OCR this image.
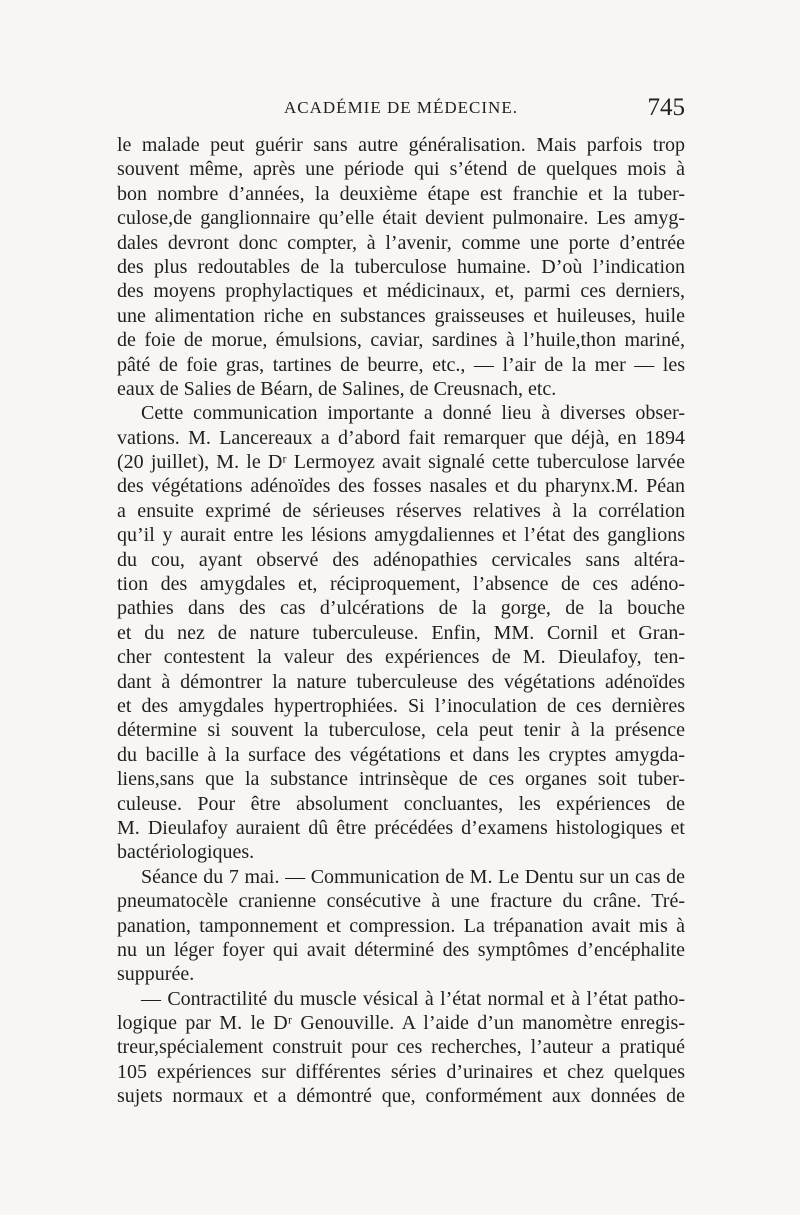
ACADÉMIE DE MÉDECINE.	745
le malade peut guérir sans autre généralisation. Mais parfois trop
souvent même, après une période qui s’étend de quelques mois à
bon nombre d’années, la deuxième étape est franchie et la tuber-
culose,de ganglionnaire qu’elle était devient pulmonaire. Les amyg-
dales devront donc compter, à l’avenir, comme une porte d’entrée
des plus redoutables de la tuberculose humaine. D’où l’indication
des moyens prophylactiques et médicinaux, et, parmi ces derniers,
une alimentation riche en substances graisseuses et huileuses, huile
de foie de morue, émulsions, caviar, sardines à l’huile,thon mariné,
pâté de foie gras, tartines de beurre, etc., — l’air de la mer — les
eaux de Salies de Béarn, de Salines, de Creusnach, etc.
Cette communication importante a donné lieu à diverses obser-
vations. M. Lancereaux a d’abord fait remarquer que déjà, en 1894
(20 juillet), M. le Dʳ Lermoyez avait signalé cette tuberculose larvée
des végétations adénoïdes des fosses nasales et du pharynx.M. Péan
a ensuite exprimé de sérieuses réserves relatives à la corrélation
qu’il y aurait entre les lésions amygdaliennes et l’état des ganglions
du cou, ayant observé des adénopathies cervicales sans altéra-
tion des amygdales et, réciproquement, l’absence de ces adéno-
pathies dans des cas d’ulcérations de la gorge, de la bouche
et du nez de nature tuberculeuse. Enfin, MM. Cornil et Gran-
cher contestent la valeur des expériences de M. Dieulafoy, ten-
dant à démontrer la nature tuberculeuse des végétations adénoïdes
et des amygdales hypertrophiées. Si l’inoculation de ces dernières
détermine si souvent la tuberculose, cela peut tenir à la présence
du bacille à la surface des végétations et dans les cryptes amygda-
liens,sans que la substance intrinsèque de ces organes soit tuber-
culeuse. Pour être absolument concluantes, les expériences de
M. Dieulafoy auraient dû être précédées d’examens histologiques et
bactériologiques.
Séance du 7 mai. — Communication de M. Le Dentu sur un cas de
pneumatocèle cranienne consécutive à une fracture du crâne. Tré-
panation, tamponnement et compression. La trépanation avait mis à
nu un léger foyer qui avait déterminé des symptômes d’encéphalite
suppurée.
— Contractilité du muscle vésical à l’état normal et à l’état patho-
logique par M. le Dʳ Genouville. A l’aide d’un manomètre enregis-
treur,spécialement construit pour ces recherches, l’auteur a pratiqué
105 expériences sur différentes séries d’urinaires et chez quelques
sujets normaux et a démontré que, conformément aux données de
